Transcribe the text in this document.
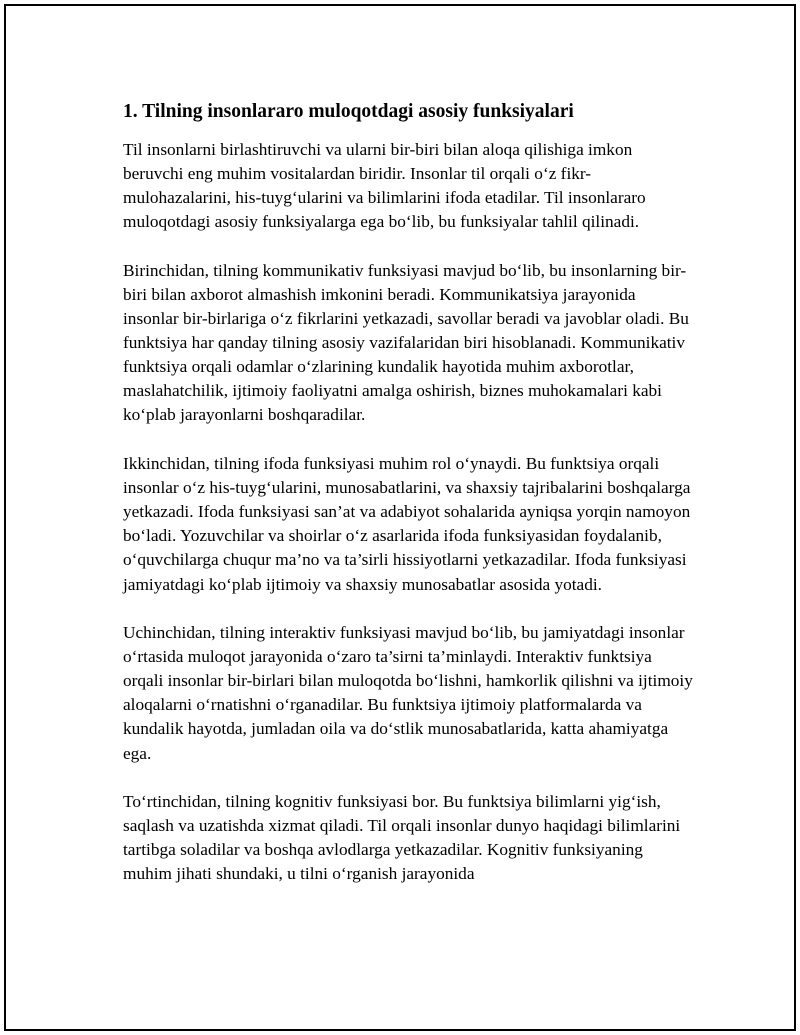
1. Tilning insonlararo muloqotdagi asosiy funksiyalari

Til insonlarni birlashtiruvchi va ularni bir-biri bilan aloqa qilishiga imkon beruvchi eng muhim vositalardan biridir. Insonlar til orqali o‘z fikr-mulohazalarini, his-tuyg‘ularini va bilimlarini ifoda etadilar. Til insonlararo muloqotdagi asosiy funksiyalarga ega bo‘lib, bu funksiyalar tahlil qilinadi.

Birinchidan, tilning kommunikativ funksiyasi mavjud bo‘lib, bu insonlarning bir-biri bilan axborot almashish imkonini beradi. Kommunikatsiya jarayonida insonlar bir-birlariga o‘z fikrlarini yetkazadi, savollar beradi va javoblar oladi. Bu funktsiya har qanday tilning asosiy vazifalaridan biri hisoblanadi. Kommunikativ funktsiya orqali odamlar o‘zlarining kundalik hayotida muhim axborotlar, maslahatchilik, ijtimoiy faoliyatni amalga oshirish, biznes muhokamalari kabi ko‘plab jarayonlarni boshqaradilar.

Ikkinchidan, tilning ifoda funksiyasi muhim rol o‘ynaydi. Bu funktsiya orqali insonlar o‘z his-tuyg‘ularini, munosabatlarini, va shaxsiy tajribalarini boshqalarga yetkazadi. Ifoda funksiyasi san’at va adabiyot sohalarida ayniqsa yorqin namoyon bo‘ladi. Yozuvchilar va shoirlar o‘z asarlarida ifoda funksiyasidan foydalanib, o‘quvchilarga chuqur ma’no va ta’sirli hissiyotlarni yetkazadilar. Ifoda funksiyasi jamiyatdagi ko‘plab ijtimoiy va shaxsiy munosabatlar asosida yotadi.

Uchinchidan, tilning interaktiv funksiyasi mavjud bo‘lib, bu jamiyatdagi insonlar o‘rtasida muloqot jarayonida o‘zaro ta’sirni ta’minlaydi. Interaktiv funktsiya orqali insonlar bir-birlari bilan muloqotda bo‘lishni, hamkorlik qilishni va ijtimoiy aloqalarni o‘rnatishni o‘rganadilar. Bu funktsiya ijtimoiy platformalarda va kundalik hayotda, jumladan oila va do‘stlik munosabatlarida, katta ahamiyatga ega.

To‘rtinchidan, tilning kognitiv funksiyasi bor. Bu funktsiya bilimlarni yig‘ish, saqlash va uzatishda xizmat qiladi. Til orqali insonlar dunyo haqidagi bilimlarini tartibga soladilar va boshqa avlodlarga yetkazadilar. Kognitiv funksiyaning muhim jihati shundaki, u tilni o‘rganish jarayonida
